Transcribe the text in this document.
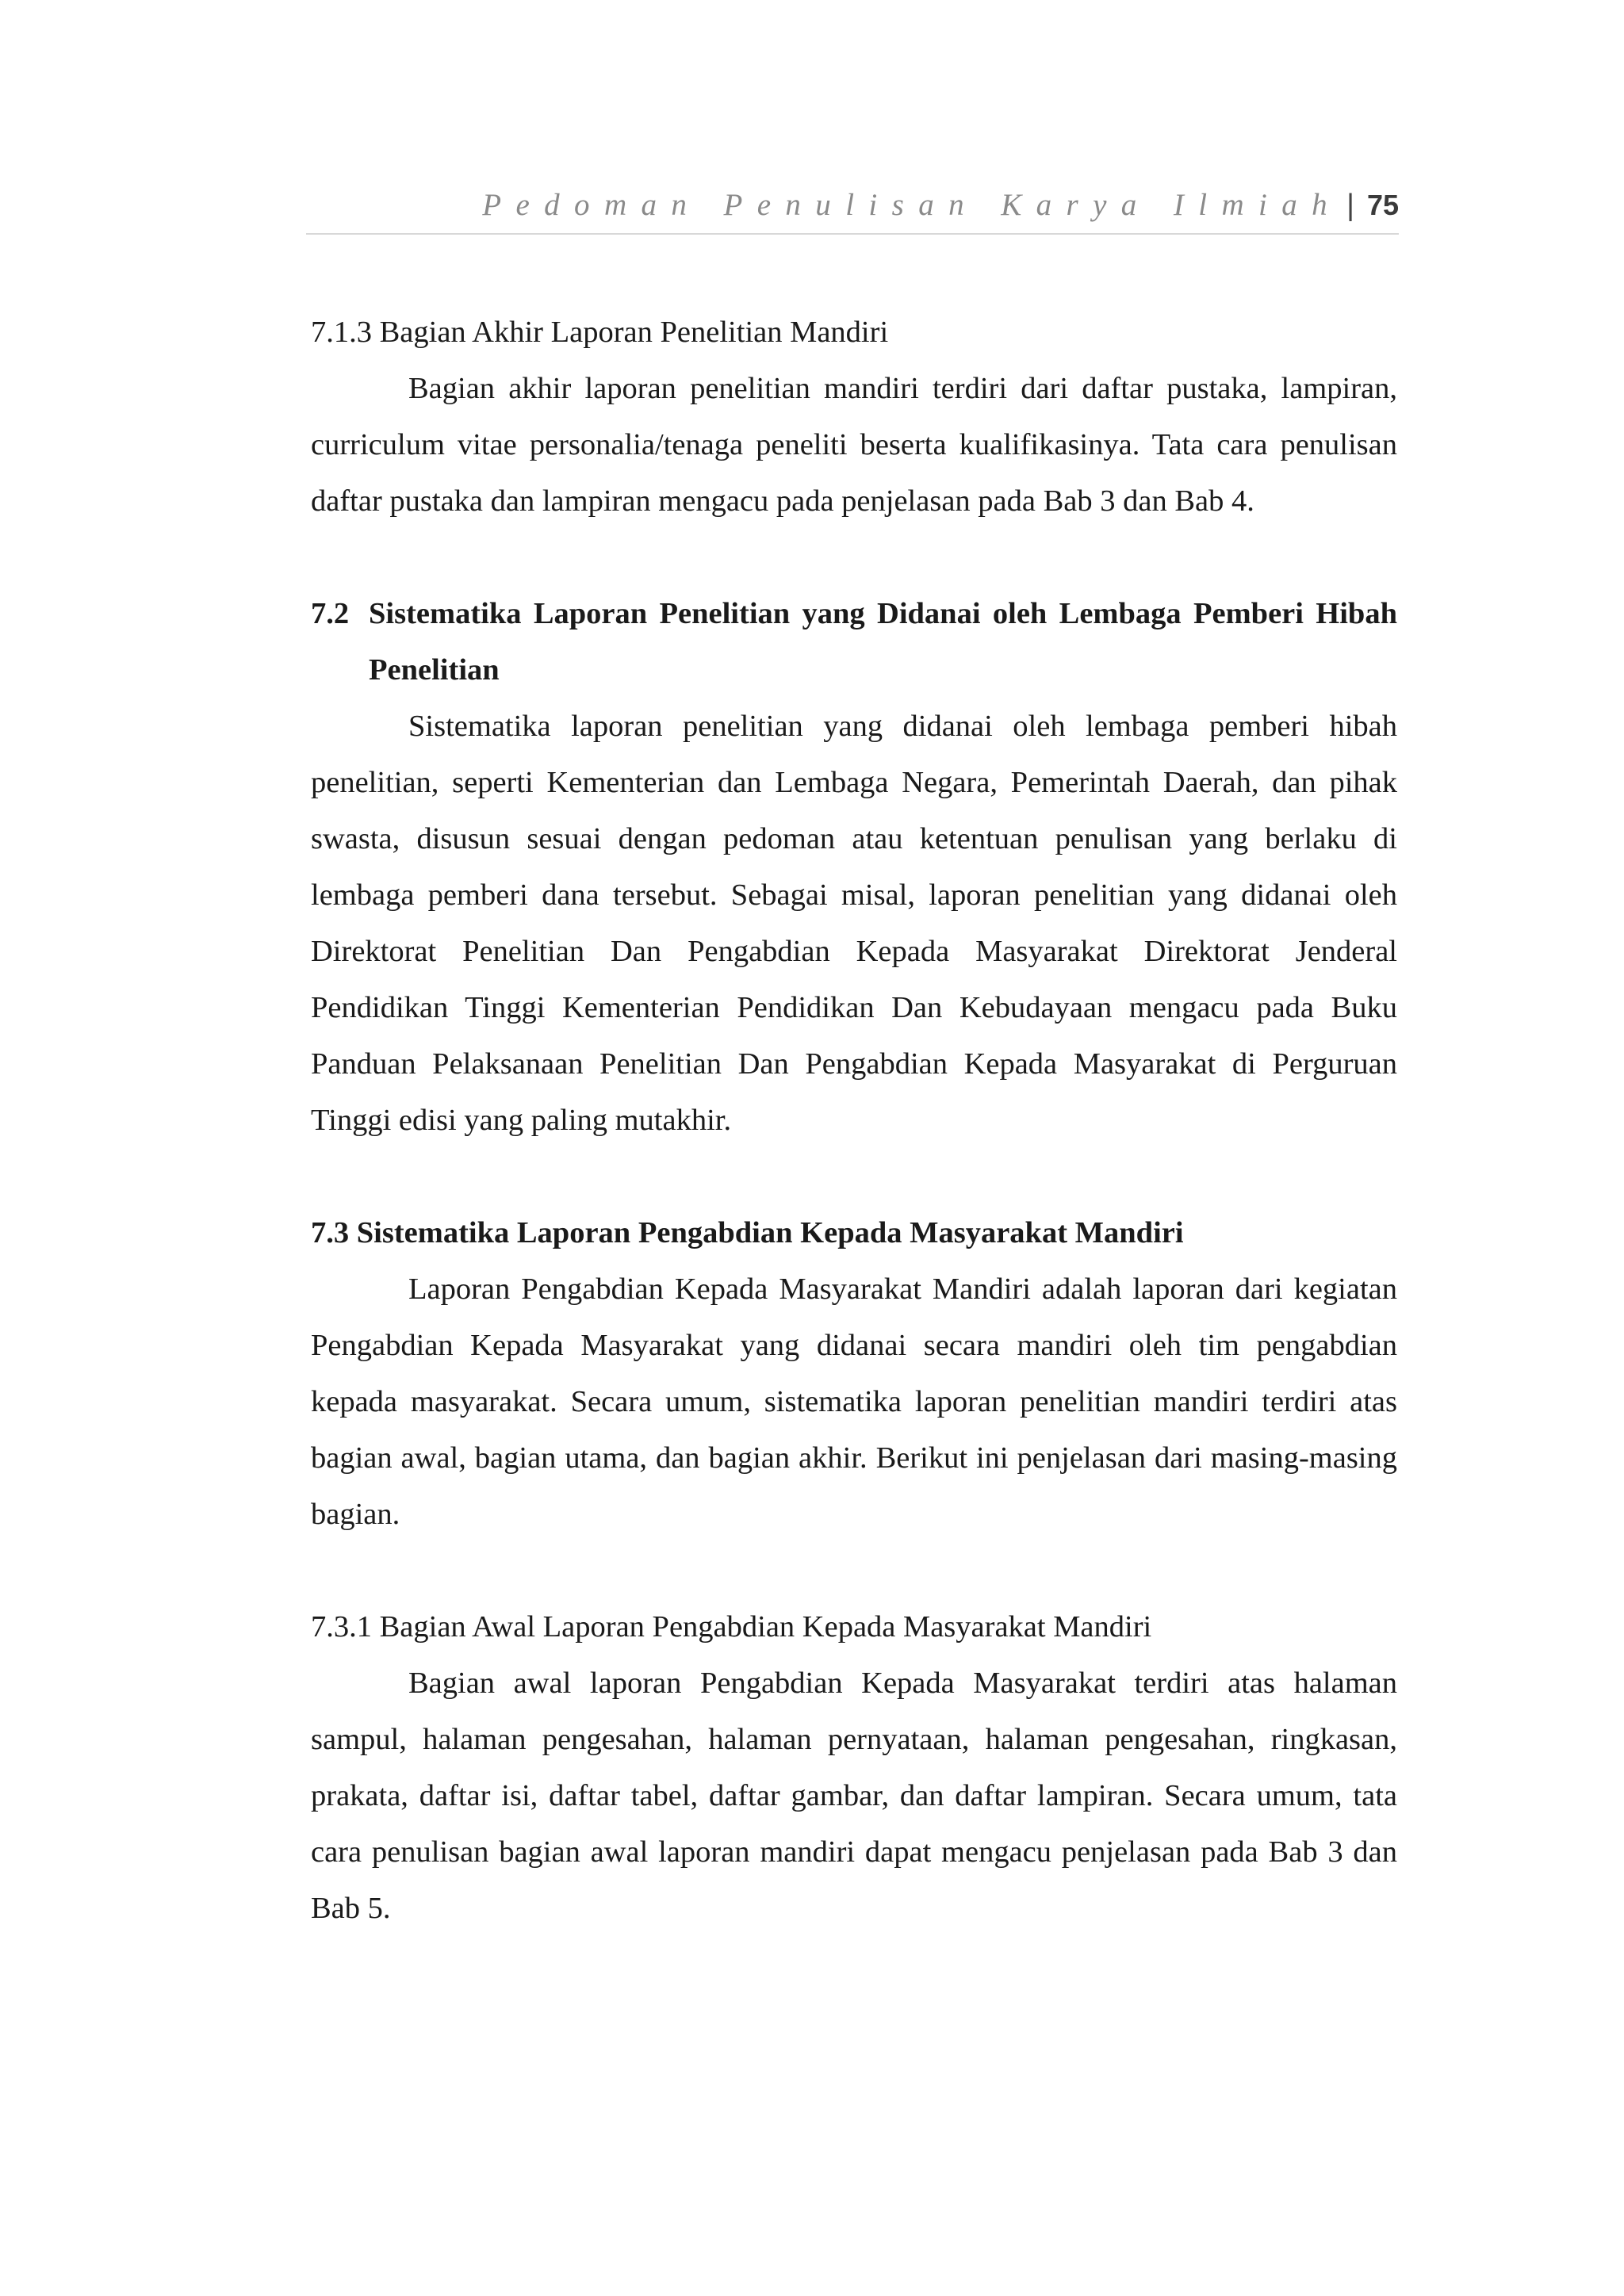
Pedoman Penulisan Karya Ilmiah | 75

7.1.3 Bagian Akhir Laporan Penelitian Mandiri

Bagian akhir laporan penelitian mandiri terdiri dari daftar pustaka, lampiran, curriculum vitae personalia/tenaga peneliti beserta kualifikasinya. Tata cara penulisan daftar pustaka dan lampiran mengacu pada penjelasan pada Bab 3 dan Bab 4.

7.2 Sistematika Laporan Penelitian yang Didanai oleh Lembaga Pemberi Hibah Penelitian

Sistematika laporan penelitian yang didanai oleh lembaga pemberi hibah penelitian, seperti Kementerian dan Lembaga Negara, Pemerintah Daerah, dan pihak swasta, disusun sesuai dengan pedoman atau ketentuan penulisan yang berlaku di lembaga pemberi dana tersebut. Sebagai misal, laporan penelitian yang didanai oleh Direktorat Penelitian Dan Pengabdian Kepada Masyarakat Direktorat Jenderal Pendidikan Tinggi Kementerian Pendidikan Dan Kebudayaan mengacu pada Buku Panduan Pelaksanaan Penelitian Dan Pengabdian Kepada Masyarakat di Perguruan Tinggi edisi yang paling mutakhir.

7.3 Sistematika Laporan Pengabdian Kepada Masyarakat Mandiri

Laporan Pengabdian Kepada Masyarakat Mandiri adalah laporan dari kegiatan Pengabdian Kepada Masyarakat yang didanai secara mandiri oleh tim pengabdian kepada masyarakat. Secara umum, sistematika laporan penelitian mandiri terdiri atas bagian awal, bagian utama, dan bagian akhir. Berikut ini penjelasan dari masing-masing bagian.

7.3.1 Bagian Awal Laporan Pengabdian Kepada Masyarakat Mandiri

Bagian awal laporan Pengabdian Kepada Masyarakat terdiri atas halaman sampul, halaman pengesahan, halaman pernyataan, halaman pengesahan, ringkasan, prakata, daftar isi, daftar tabel, daftar gambar, dan daftar lampiran. Secara umum, tata cara penulisan bagian awal laporan mandiri dapat mengacu penjelasan pada Bab 3 dan Bab 5.
